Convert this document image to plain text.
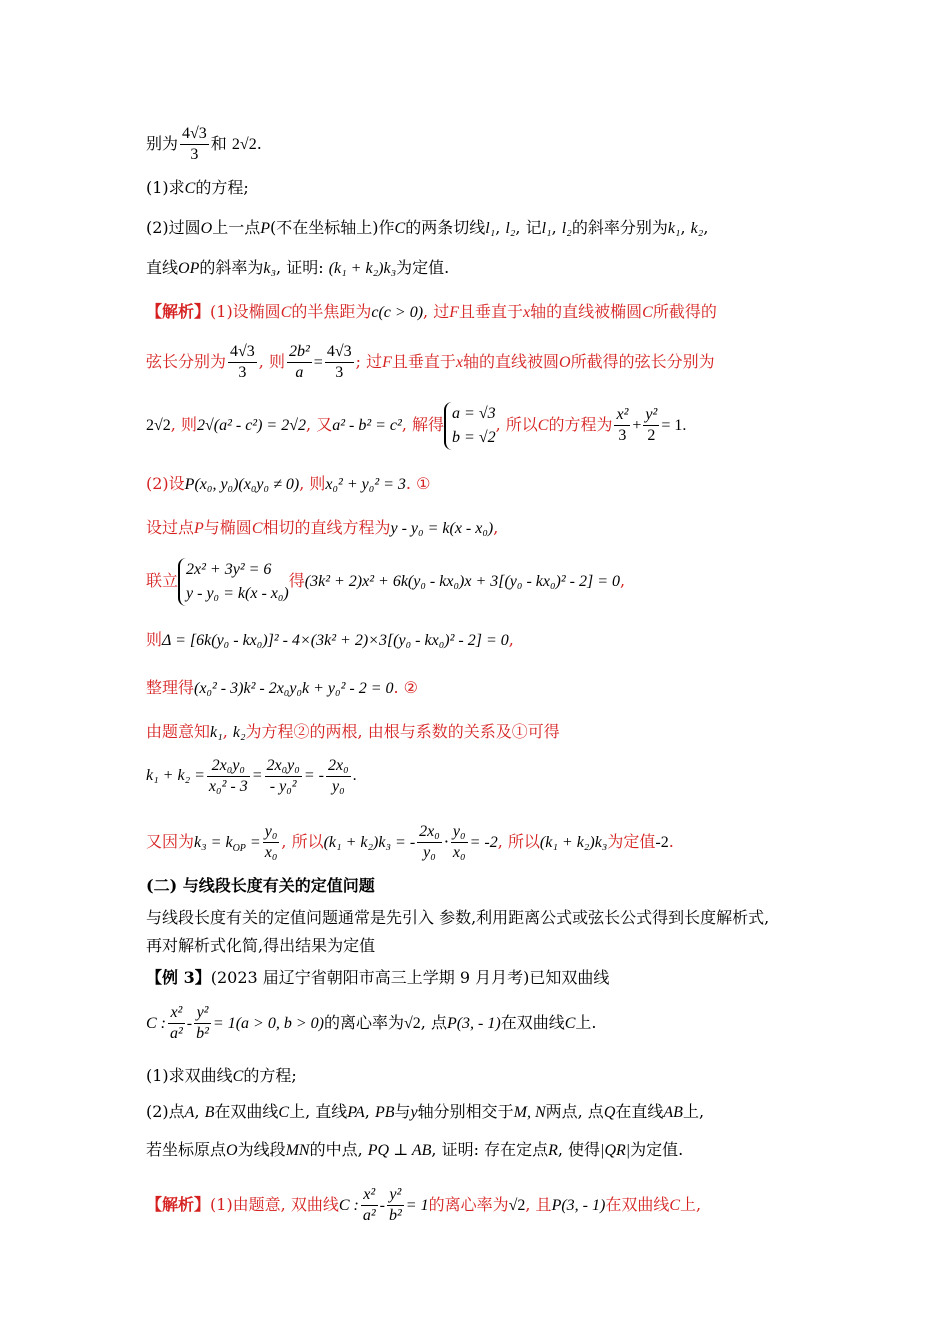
别为 $\frac{4√3}{3}$ 和 2√2.
(1)求C的方程;
(2)过圆O上一点P(不在坐标轴上)作C的两条切线l₁, l₂, 记l₁, l₂的斜率分别为k₁, k₂,
直线OP的斜率为k₃, 证明: (k₁ + k₂)k₃为定值.
【解析】(1)设椭圆C的半焦距为c(c > 0), 过F且垂直于x轴的直线被椭圆C所截得的
弦长分别为 $\frac{4√3}{3}$ , 则 $\frac{\text{2b²}}{a} = \frac{4√3}{3}$ ; 过F且垂直于x轴的直线被圆O所截得的弦长分别为
2√2, 则2√(a² - c²) = 2√2, 又a² - b² = c², 解得
a = √3
b = √2
, 所以C的方程为 $\frac{\text{x²}}{3} + \frac{\text{y²}}{2} = 1$.
(2)设P(x₀, y₀)(x₀y₀ ≠ 0), 则x₀² + y₀² = 3. ①
设过点P与椭圆C相切的直线方程为y - y₀ = k(x - x₀),
联立
2x² + 3y² = 6
y - y₀ = k(x - x₀)
得(3k² + 2)x² + 6k(y₀ - kx₀)x + 3[(y₀ - kx₀)² - 2] = 0,
则Δ = [6k(y₀ - kx₀)]² - 4×(3k² + 2)×3[(y₀ - kx₀)² - 2] = 0,
整理得(x₀² - 3)k² - 2x₀y₀k + y₀² - 2 = 0. ②
由题意知k₁, k₂为方程②的两根, 由根与系数的关系及①可得
$k_1 + k_2 = \frac{\text{2x₀y₀}}{\text{x₀² - 3}} = \frac{\text{2x₀y₀}}{\text{- y₀²}}$ = - $\frac{\text{2x₀}}{\text{y₀}}$ .
又因为$k_3 = k_{OP} = \frac{\text{y₀}}{\text{x₀}}$ , 所以(k₁ + k₂)k₃ = - $\frac{\text{2x₀}}{\text{y₀}} \cdot \frac{\text{y₀}}{\text{x₀}} = -2$, 所以(k₁ + k₂)k₃为定值-2.
(二) 与线段长度有关的定值问题
与线段长度有关的定值问题通常是先引入 参数,利用距离公式或弦长公式得到长度解析式,
再对解析式化简,得出结果为定值
【例 3】(2023 届辽宁省朝阳市高三上学期 9 月月考)已知双曲线
C : $\frac{\text{x²}}{\text{a²}} - \frac{\text{y²}}{\text{b²}} = 1(a > 0$, b > 0)的离心率为√2, 点P(3, - 1)在双曲线C上.
(1)求双曲线C的方程;
(2)点A, B在双曲线C上, 直线PA, PB与y轴分别相交于M, N两点, 点Q在直线AB上,
若坐标原点O为线段MN的中点, PQ ⊥ AB, 证明: 存在定点R, 使得|QR|为定值.
【解析】(1)由题意, 双曲线C : $\frac{\text{x²}}{\text{a²}} - \frac{\text{y²}}{\text{b²}} = 1$的离心率为√2, 且P(3, - 1)在双曲线C上,
